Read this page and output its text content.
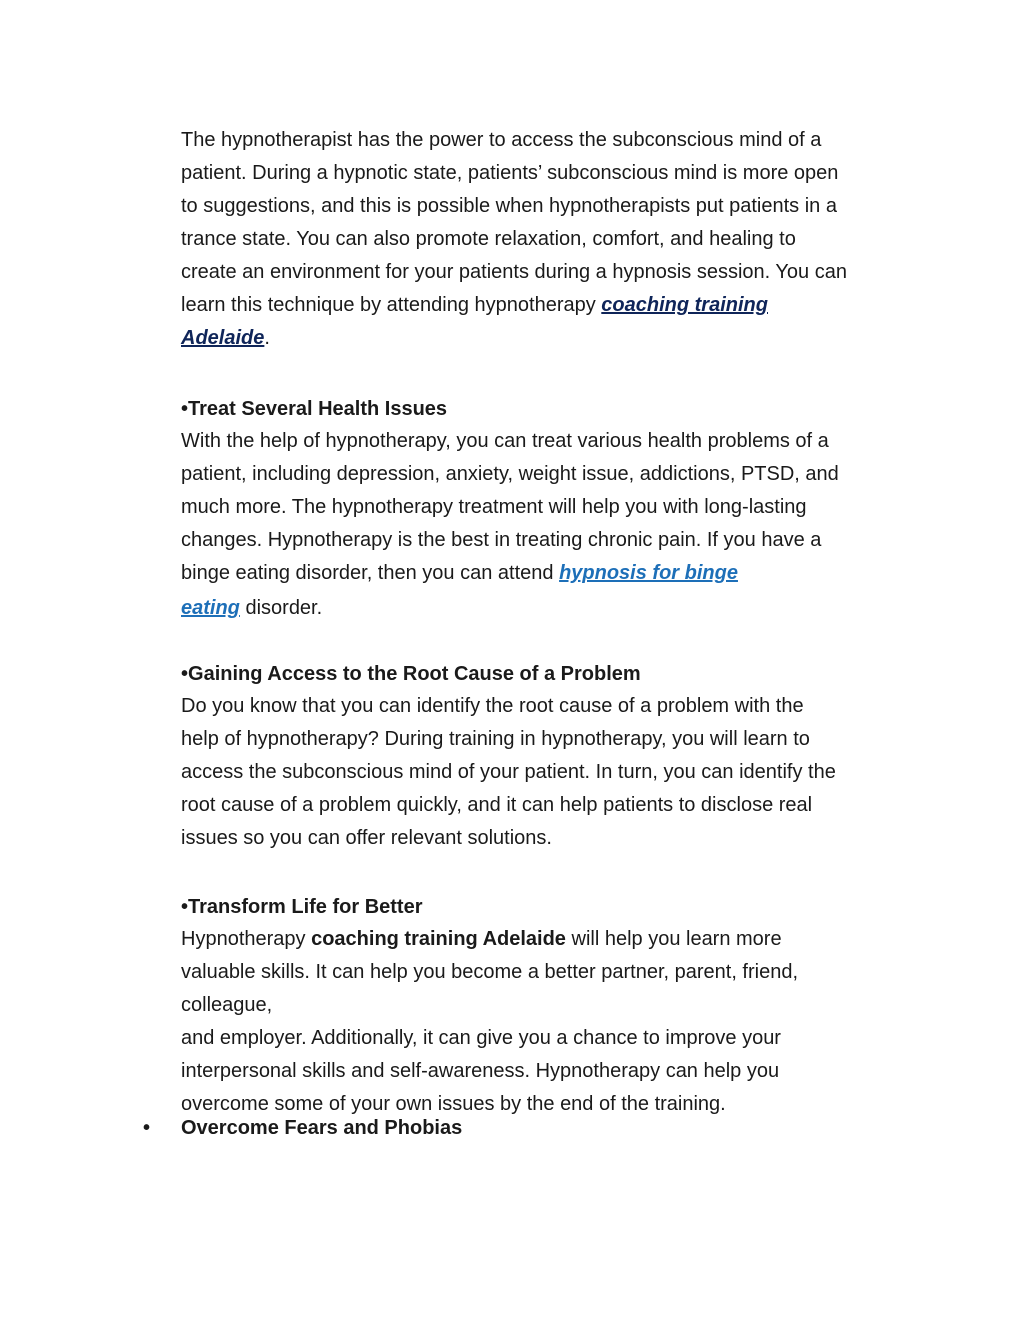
The hypnotherapist has the power to access the subconscious mind of a
patient. During a hypnotic state, patients’ subconscious mind is more open
to suggestions, and this is possible when hypnotherapists put patients in a
trance state. You can also promote relaxation, comfort, and healing to
create an environment for your patients during a hypnosis session. You can
learn this technique by attending hypnotherapy coaching training
Adelaide.
•Treat Several Health Issues
With the help of hypnotherapy, you can treat various health problems of a
patient, including depression, anxiety, weight issue, addictions, PTSD, and
much more. The hypnotherapy treatment will help you with long-lasting
changes. Hypnotherapy is the best in treating chronic pain. If you have a
binge eating disorder, then you can attend hypnosis for binge
eating disorder.
•Gaining Access to the Root Cause of a Problem
Do you know that you can identify the root cause of a problem with the
help of hypnotherapy? During training in hypnotherapy, you will learn to
access the subconscious mind of your patient. In turn, you can identify the
root cause of a problem quickly, and it can help patients to disclose real
issues so you can offer relevant solutions.
•Transform Life for Better
Hypnotherapy coaching training Adelaide will help you learn more
valuable skills. It can help you become a better partner, parent, friend,
colleague,
and employer. Additionally, it can give you a chance to improve your
interpersonal skills and self-awareness. Hypnotherapy can help you
overcome some of your own issues by the end of the training.
• Overcome Fears and Phobias
